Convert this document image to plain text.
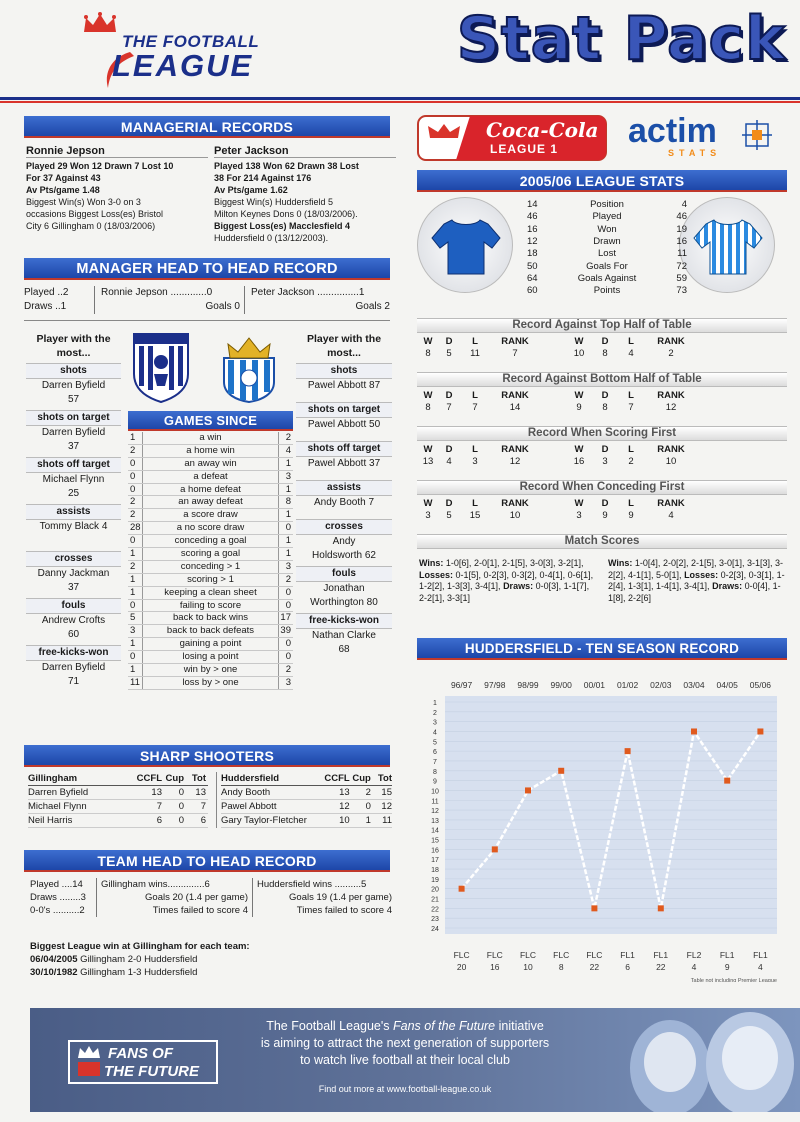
THE FOOTBALL
LEAGUE	Stat Pack
MANAGERIAL RECORDS
Ronnie Jepson
Played 29 Won 12 Drawn 7 Lost 10
For 37 Against 43
Av Pts/game 1.48
Biggest Win(s) Won 3-0 on 3
occasions Biggest Loss(es) Bristol
City 6 Gillingham 0 (18/03/2006)
Peter Jackson
Played 138 Won 62 Drawn 38 Lost
38 For 214 Against 176
Av Pts/game 1.62
Biggest Win(s) Huddersfield 5
Milton Keynes Dons 0 (18/03/2006).
Biggest Loss(es) Macclesfield 4
Huddersfield 0 (13/12/2003).
MANAGER HEAD TO HEAD RECORD
Played ..2
Draws ..1
Ronnie Jepson .............0
Goals 0
Peter Jackson ...............1
Goals 2
Player with the most...
shots
Darren Byfield
57
shots on target
Darren Byfield
37
shots off target
Michael Flynn
25
assists
Tommy Black 4
crosses
Danny Jackman
37
fouls
Andrew Crofts
60
free-kicks-won
Darren Byfield
71
GAMES SINCE
1	a win	2
2	a home win	4
0	an away win	1
0	a defeat	3
0	a home defeat	1
2	an away defeat	8
2	a score draw	1
28	a no score draw	0
0	conceding a goal	1
1	scoring a goal	1
2	conceding > 1	3
1	scoring > 1	2
1	keeping a clean sheet	0
0	failing to score	0
5	back to back wins	17
3	back to back defeats	39
1	gaining a point	0
0	losing a point	0
1	win by > one	2
11	loss by > one	3
Player with the most...
shots
Pawel Abbott 87
shots on target
Pawel Abbott 50
shots off target
Pawel Abbott 37
assists
Andy Booth 7
crosses
Andy
Holdsworth 62
fouls
Jonathan
Worthington 80
free-kicks-won
Nathan Clarke
68
SHARP SHOOTERS
Gillingham	CCFL Cup Tot
Darren Byfield	13	0	13
Michael Flynn	7	0	7
Neil Harris	6	0	6
Huddersfield	CCFL Cup Tot
Andy Booth	13	2	15
Pawel Abbott	12	0	12
Gary Taylor-Fletcher	10	1	11
TEAM HEAD TO HEAD RECORD
Played ....14
Draws ........3
0-0's ..........2
Gillingham wins..............6
Goals 20 (1.4 per game)
Times failed to score 4
Huddersfield wins ..........5
Goals 19 (1.4 per game)
Times failed to score 4
Biggest League win at Gillingham for each team:
06/04/2005 Gillingham 2-0 Huddersfield
30/10/1982 Gillingham 1-3 Huddersfield
Coca-Cola
LEAGUE 1 actim
STATS
2005/06 LEAGUE STATS
14	Position	4
46	Played	46
16	Won	19
12	Drawn	16
18	Lost	11
50	Goals For	72
64	Goals Against	59
60	Points	73
Record Against Top Half of Table
W	D	L	RANK	W	D	L	RANK
8	5	11	7	10	8	4	2
Record Against Bottom Half of Table
W	D	L	RANK	W	D	L	RANK
8	7	7	14	9	8	7	12
Record When Scoring First
W	D	L	RANK	W	D	L	RANK
13	4	3	12	16	3	2	10
Record When Conceding First
W	D	L	RANK	W	D	L	RANK
3	5	15	10	3	9	9	4
Match Scores
Wins: 1-0[6], 2-0[1], 2-1[5], 3-0[3], 3-2[1], Losses: 0-1[5], 0-2[3], 0-3[2], 0-4[1], 0-6[1], 1-2[2], 1-3[3], 3-4[1], Draws: 0-0[3], 1-1[7], 2-2[1], 3-3[1]
Wins: 1-0[4], 2-0[2], 2-1[5], 3-0[1], 3-1[3], 3-2[2], 4-1[1], 5-0[1], Losses: 0-2[3], 0-3[1], 1-2[4], 1-3[1], 1-4[1], 3-4[1], Draws: 0-0[4], 1-1[8], 2-2[6]
HUDDERSFIELD - TEN SEASON RECORD
96/97 97/98 98/99 99/00 00/01 01/02 02/03 03/04 04/05 05/06
1
2
3
4
5
6
7
8
9
10
11
12
13
14
15
16
17
18
19
20
21
22
23
24
FLC FLC FLC FLC FLC FL1 FL1 FL2 FL1 FL1
20	16	10	8	22	6	22	4	9	4
Table not including Premier League
FANS OF
THE FUTURE
The Football League's Fans of the Future initiative
is aiming to attract the next generation of supporters
to watch live football at their local club
Find out more at www.football-league.co.uk
